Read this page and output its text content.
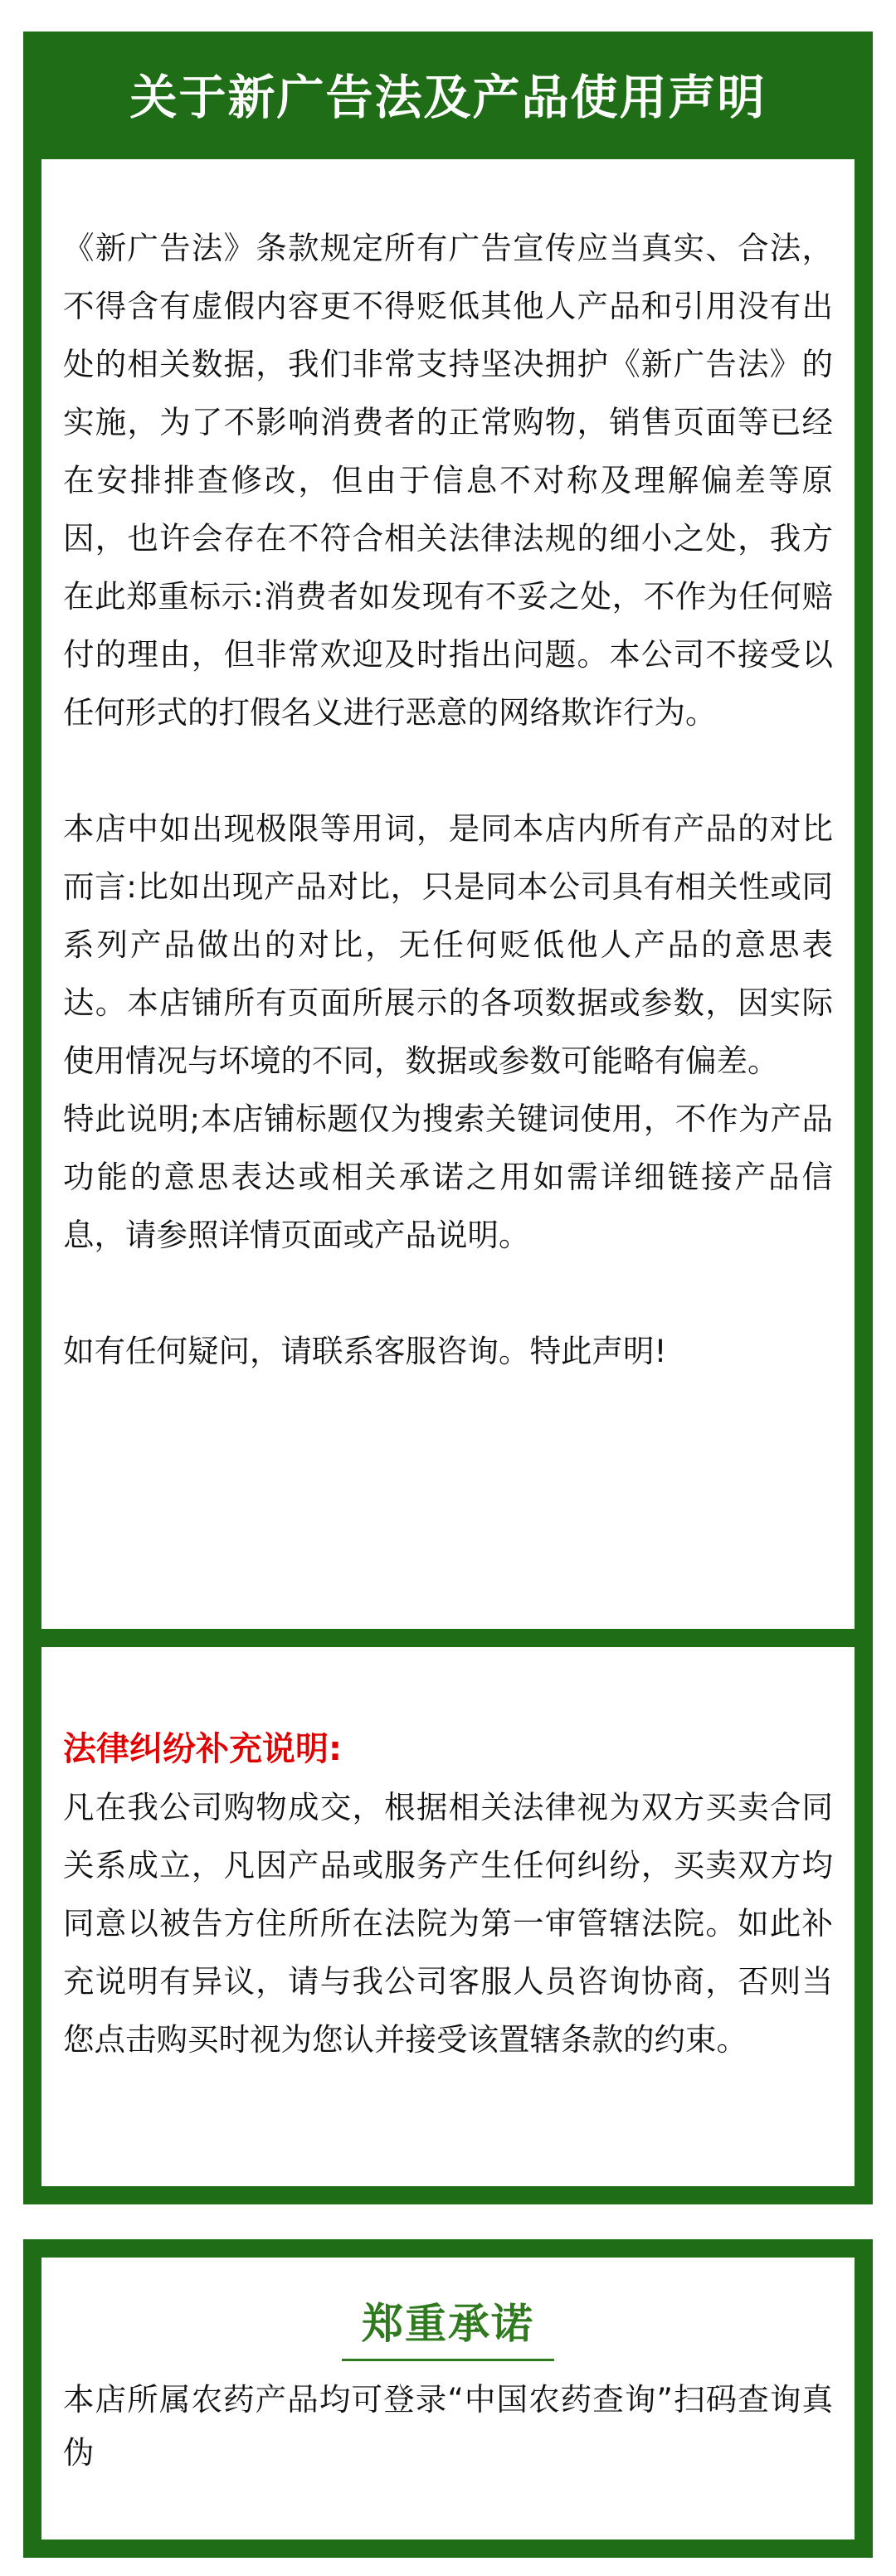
关于新广告法及产品使用声明

《新广告法》条款规定所有广告宣传应当真实、合法，不得含有虚假内容更不得贬低其他人产品和引用没有出处的相关数据，我们非常支持坚决拥护《新广告法》的实施，为了不影响消费者的正常购物，销售页面等已经在安排排查修改，但由于信息不对称及理解偏差等原因，也许会存在不符合相关法律法规的细小之处，我方在此郑重标示:消费者如发现有不妥之处，不作为任何赔付的理由，但非常欢迎及时指出问题。本公司不接受以任何形式的打假名义进行恶意的网络欺诈行为。

本店中如出现极限等用词，是同本店内所有产品的对比而言:比如出现产品对比，只是同本公司具有相关性或同系列产品做出的对比，无任何贬低他人产品的意思表达。本店铺所有页面所展示的各项数据或参数，因实际使用情况与坏境的不同，数据或参数可能略有偏差。

特此说明;本店铺标题仅为搜索关键词使用，不作为产品功能的意思表达或相关承诺之用如需详细链接产品信息，请参照详情页面或产品说明。

如有任何疑问，请联系客服咨询。特此声明!

法律纠纷补充说明:

凡在我公司购物成交，根据相关法律视为双方买卖合同关系成立，凡因产品或服务产生任何纠纷，买卖双方均同意以被告方住所所在法院为第一审管辖法院。如此补充说明有异议，请与我公司客服人员咨询协商，否则当您点击购买时视为您认并接受该置辖条款的约束。

郑重承诺

本店所属农药产品均可登录“中国农药查询”扫码查询真伪
